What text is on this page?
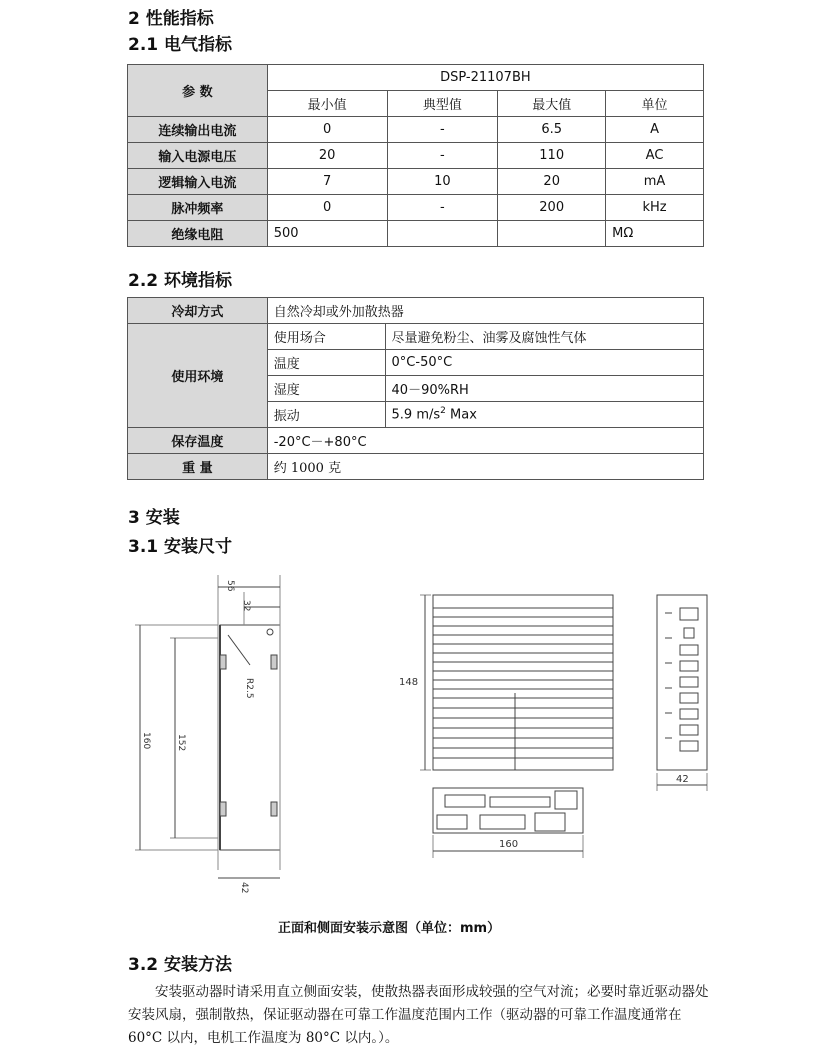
2 性能指标
2.1 电气指标
参 数	DSP-21107BH			
	最小值	典型值	最大值	单位
连续输出电流	0	-	6.5	A
输入电源电压	20	-	110	AC
逻辑输入电流	7	10	20	mA
脉冲频率	0	-	200	kHz
绝缘电阻	500			MΩ
2.2 环境指标
冷却方式	自然冷却或外加散热器	
使用环境	使用场合	尽量避免粉尘、油雾及腐蚀性气体
	温度	0°C-50°C
	湿度	40－90%RH
	振动	5.9 $m/s^2$ Max
保存温度	-20°C－+80°C	
重 量	约 1000 克	
3 安装
3.1 安装尺寸
56
32
R2.5
160	152
42
148
160
42
正面和侧面安装示意图（单位：mm）
3.2 安装方法

安装驱动器时请采用直立侧面安装，使散热器表面形成较强的空气对流；必要时靠近驱动器处安装风扇，强制散热，保证驱动器在可靠工作温度范围内工作（驱动器的可靠工作温度通常在 60°C 以内，电机工作温度为 80°C 以内。）。
